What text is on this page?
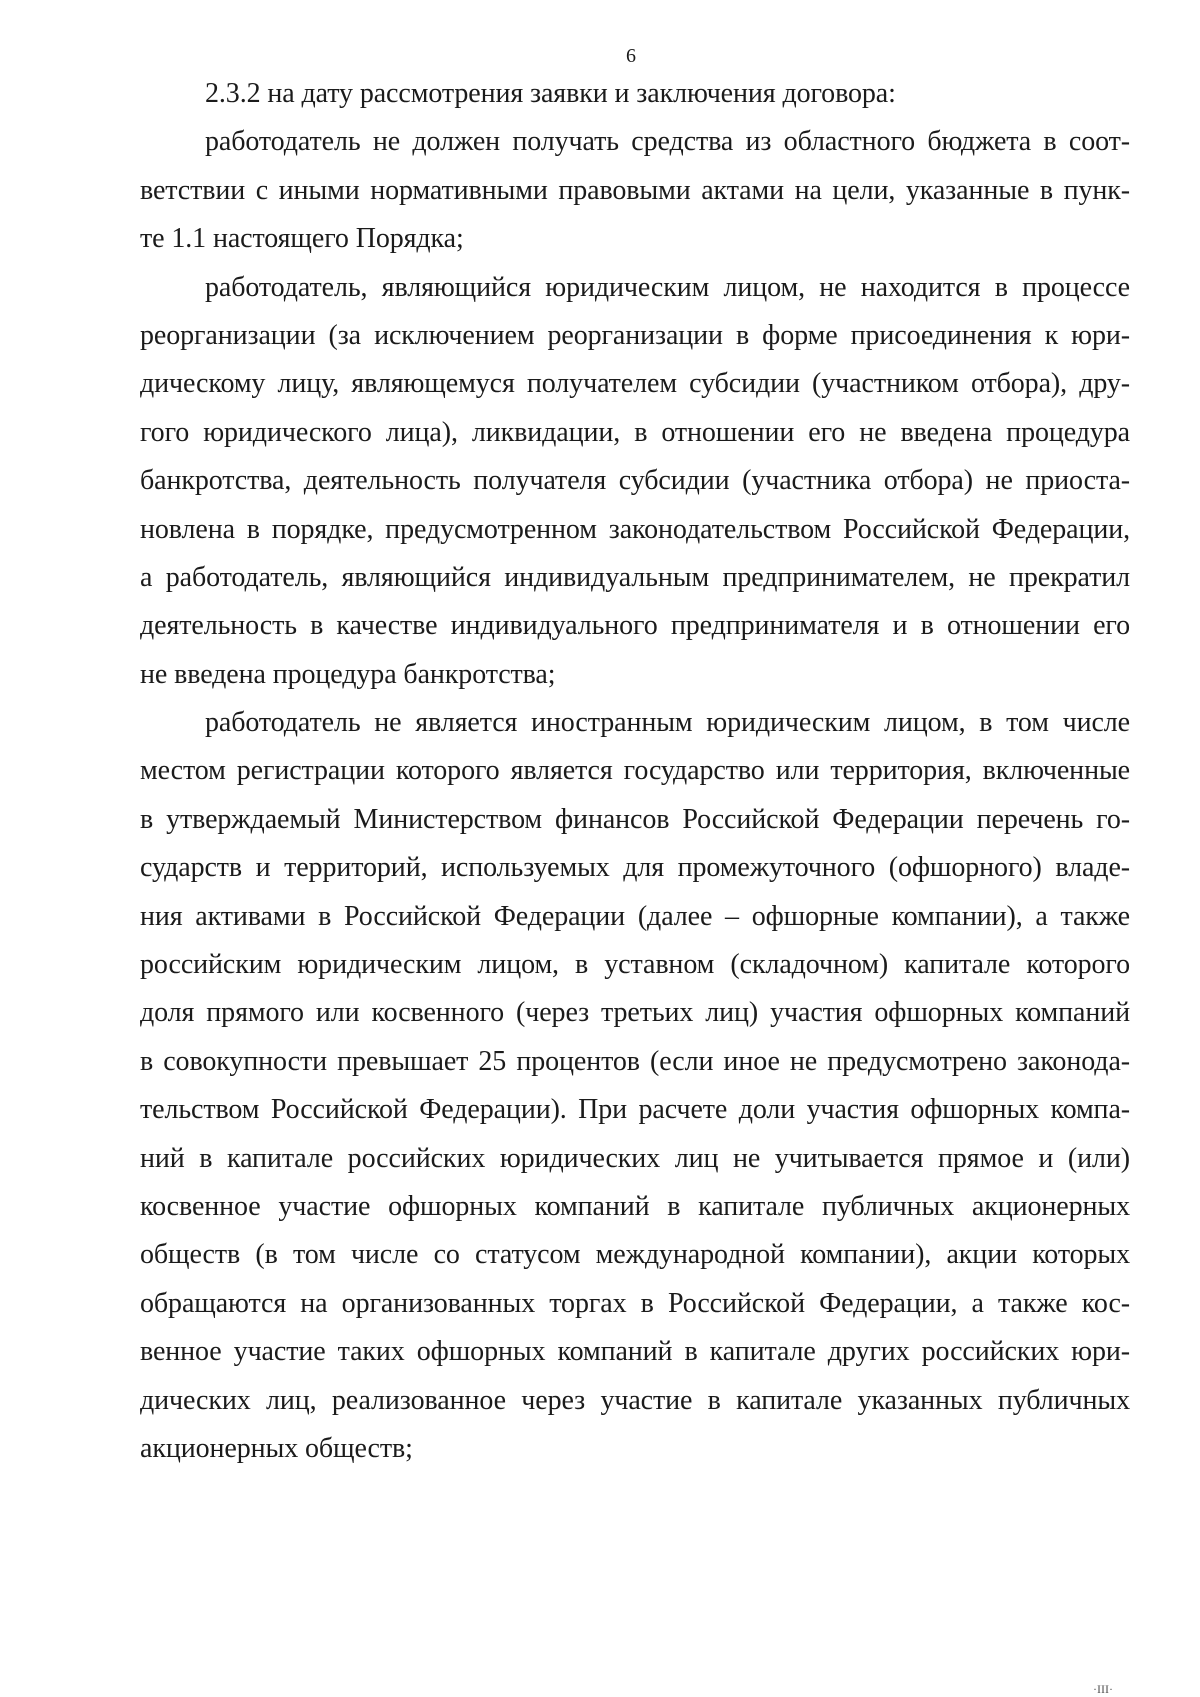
6
2.3.2 на дату рассмотрения заявки и заключения договора:
работодатель не должен получать средства из областного бюджета в соот-
ветствии с иными нормативными правовыми актами на цели, указанные в пунк-
те 1.1 настоящего Порядка;
работодатель, являющийся юридическим лицом, не находится в процессе
реорганизации (за исключением реорганизации в форме присоединения к юри-
дическому лицу, являющемуся получателем субсидии (участником отбора), дру-
гого юридического лица), ликвидации, в отношении его не введена процедура
банкротства, деятельность получателя субсидии (участника отбора) не приоста-
новлена в порядке, предусмотренном законодательством Российской Федерации,
а работодатель, являющийся индивидуальным предпринимателем, не прекратил
деятельность в качестве индивидуального предпринимателя и в отношении его
не введена процедура банкротства;
работодатель не является иностранным юридическим лицом, в том числе
местом регистрации которого является государство или территория, включенные
в утверждаемый Министерством финансов Российской Федерации перечень го-
сударств и территорий, используемых для промежуточного (офшорного) владе-
ния активами в Российской Федерации (далее – офшорные компании), а также
российским юридическим лицом, в уставном (складочном) капитале которого
доля прямого или косвенного (через третьих лиц) участия офшорных компаний
в совокупности превышает 25 процентов (если иное не предусмотрено законода-
тельством Российской Федерации). При расчете доли участия офшорных компа-
ний в капитале российских юридических лиц не учитывается прямое и (или)
косвенное участие офшорных компаний в капитале публичных акционерных
обществ (в том числе со статусом международной компании), акции которых
обращаются на организованных торгах в Российской Федерации, а также кос-
венное участие таких офшорных компаний в капитале других российских юри-
дических лиц, реализованное через участие в капитале указанных публичных
акционерных обществ;
·III·
